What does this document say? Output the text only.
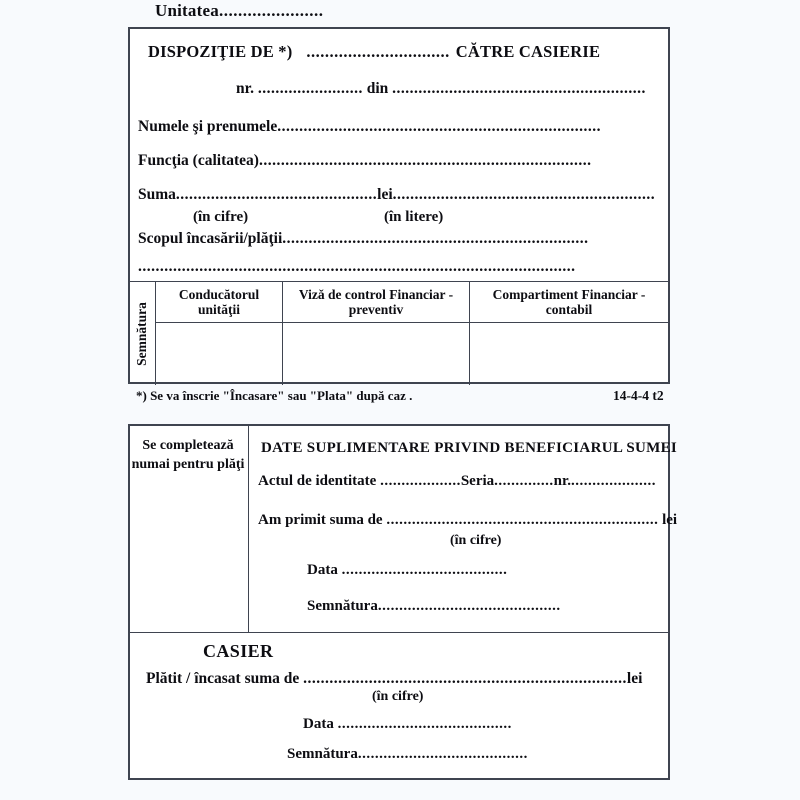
Unitatea......................
DISPOZIŢIE DE *) ............................... CĂTRE CASIERIE
nr. ........................ din ..........................................................
Numele şi prenumele..........................................................................
Funcţia (calitatea)............................................................................
Suma..............................................lei............................................................
(în cifre)	(în litere)
Scopul încasării/plăţii......................................................................
....................................................................................................
Semnătura
Conducătorul unităţii
Vizǎ de control Financiar - preventiv
Compartiment Financiar - contabil
*) Se va înscrie "Încasare" sau "Plata" după caz .	14-4-4 t2
Se completează numai pentru plăţi
DATE SUPLIMENTARE PRIVIND BENEFICIARUL SUMEI
Actul de identitate ...................Seria..............nr.....................
Am primit suma de ................................................................ lei
(în cifre)
Data .......................................
Semnătura...........................................
CASIER
Plătit / încasat suma de ..........................................................................lei
(în cifre)
Data .........................................
Semnătura........................................
